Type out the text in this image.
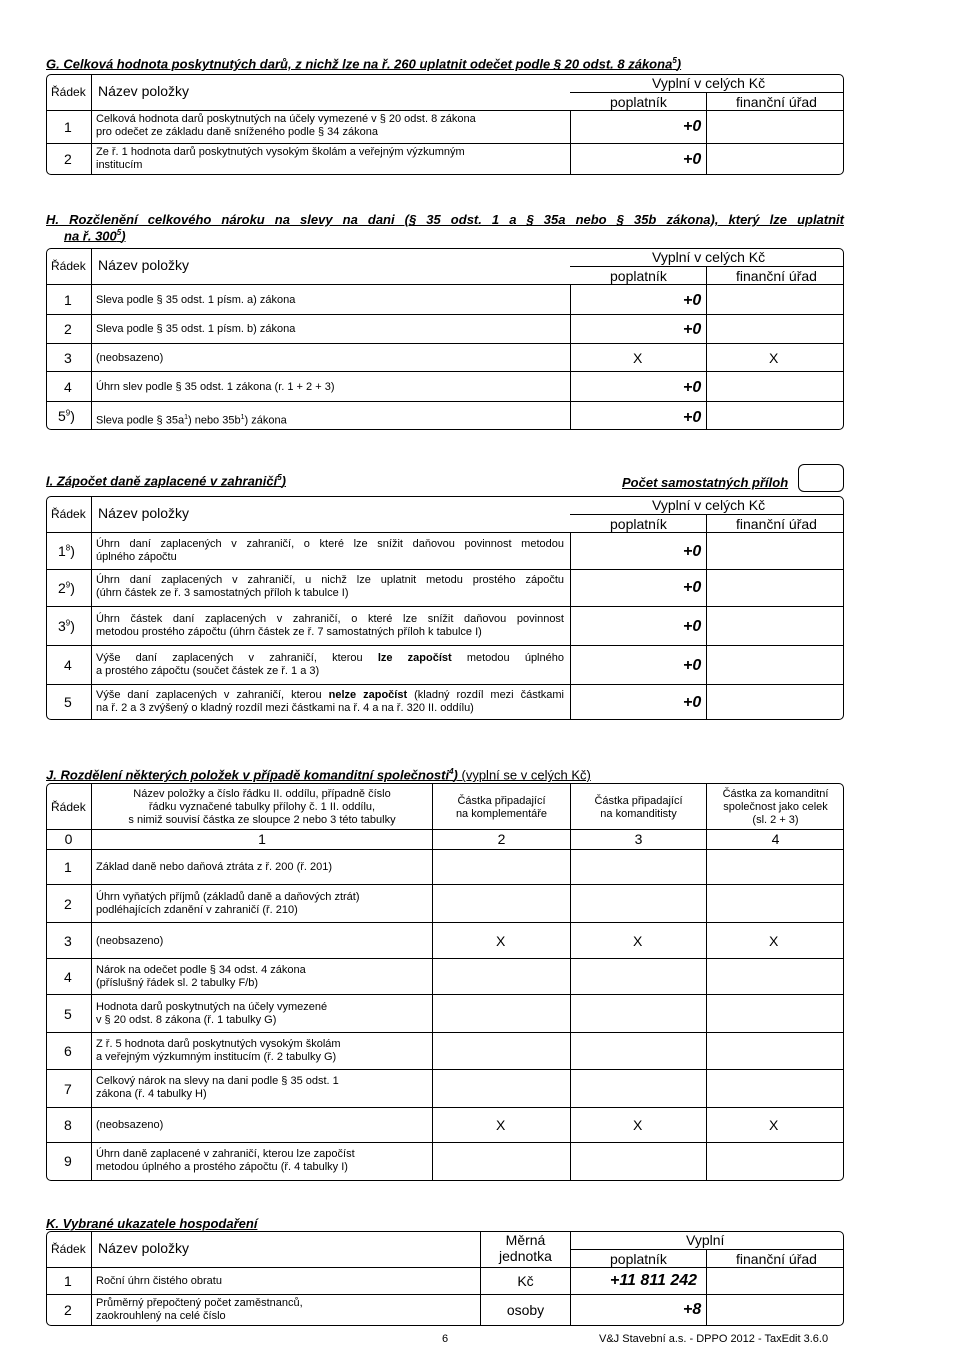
G. Celková hodnota poskytnutých darů, z nichž lze na ř. 260 uplatnit odečet podle § 20 odst. 8 zákona$^5$)
Řádek Název položky	Vyplní v celých Kč
poplatník	finanční úřad
1 Celková hodnota darů poskytnutých na účely vymezené v § 20 odst. 8 zákona
pro odečet ze základu daně sníženého podle § 34 zákona	+0
2 Ze ř. 1 hodnota darů poskytnutých vysokým školám a veřejným výzkumným
institucím	+0
H. Rozčlenění celkového nároku na slevy na dani (§ 35 odst. 1 a § 35a nebo § 35b zákona), který lze uplatnit
na ř. $300^5$)
Řádek Název položky	Vyplní v celých Kč
poplatník	finanční úřad
1 Sleva podle § 35 odst. 1 písm. a) zákona	+0
2 Sleva podle § 35 odst. 1 písm. b) zákona	+0
3 (neobsazeno)	X	X
4 Úhrn slev podle § 35 odst. 1 zákona (r. 1 + 2 + 3)	+0
$5^9$) Sleva podle § $35a^1$) nebo $35b^1$) zákona	+0
I. Zápočet daně zaplacené v zahraničí$^5$)	Počet samostatných příloh
Řádek Název položky	Vyplní v celých Kč
poplatník	finanční úřad
$1^8$) Úhrn daní zaplacených v zahraničí, o které lze snížit daňovou povinnost metodou
úplného zápočtu	+0
$2^9$) Úhrn daní zaplacených v zahraničí, u nichž lze uplatnit metodu prostého zápočtu
(úhrn částek ze ř. 3 samostatných příloh k tabulce I)	+0
$3^9$) Úhrn částek daní zaplacených v zahraničí, o které lze snížit daňovou povinnost
metodou prostého zápočtu (úhrn částek ze ř. 7 samostatných příloh k tabulce I)	+0
4 Výše daní zaplacených v zahraničí, kterou lze započíst metodou úplného
a prostého zápočtu (součet částek ze ř. 1 a 3)	+0
5 Výše daní zaplacených v zahraničí, kterou nelze započíst (kladný rozdíl mezi částkami
na ř. 2 a 3 zvýšený o kladný rozdíl mezi částkami na ř. 4 a na ř. 320 II. oddílu)	+0
J. Rozdělení některých položek v případě komanditní společnosti$^4$) (vyplní se v celých Kč)
Řádek
Název položky a číslo řádku II. oddílu, případně číslo
řádku vyznačené tabulky přílohy č. 1 II. oddílu,
s nimiž souvisí částka ze sloupce 2 nebo 3 této tabulky
Částka připadající
na komplementáře
Částka připadající
na komanditisty
Částka za komanditní
společnost jako celek
(sl. 2 + 3)
0	1	2	3	4
1 Základ daně nebo daňová ztráta z ř. 200 (ř. 201)
2 Úhrn vyňatých příjmů (základů daně a daňových ztrát)
podléhajících zdanění v zahraničí (ř. 210)
3 (neobsazeno)	X	X	X
4 Nárok na odečet podle § 34 odst. 4 zákona
(příslušný řádek sl. 2 tabulky F/b)
5 Hodnota darů poskytnutých na účely vymezené
v § 20 odst. 8 zákona (ř. 1 tabulky G)
6 Z ř. 5 hodnota darů poskytnutých vysokým školám
a veřejným výzkumným institucím (ř. 2 tabulky G)
7 Celkový nárok na slevy na dani podle § 35 odst. 1
zákona (ř. 4 tabulky H)
8 (neobsazeno)	X	X	X
9 Úhrn daně zaplacené v zahraničí, kterou lze započíst
metodou úplného a prostého zápočtu (ř. 4 tabulky I)
K. Vybrané ukazatele hospodaření
Řádek Název položky	Měrná
jednotka
Vyplní
poplatník	finanční úřad
1 Roční úhrn čistého obratu	Kč	+11 811 242
2 Průměrný přepočtený počet zaměstnanců,
zaokrouhlený na celé číslo	osoby	+8
6	V&J Stavební a.s. - DPPO 2012 - TaxEdit 3.6.0
